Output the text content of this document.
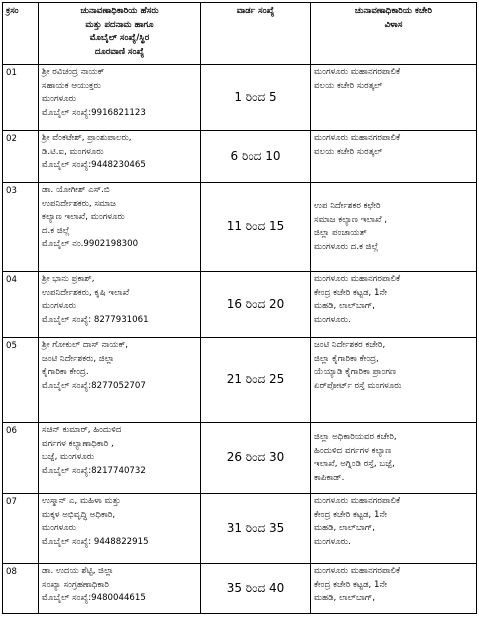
ಕ್ರಸಂ	ಚುನಾವಣಾಧಿಕಾರಿಯ ಹೆಸರು
ಮತ್ತು ಪದನಾಮ ಹಾಗೂ
ಮೊಬೈಲ್ ಸಂಖ್ಯೆ/ಸ್ಥಿರ
ದೂರವಾಣಿ ಸಂಖ್ಯೆ	ವಾರ್ಡ ಸಂಖ್ಯೆ	ಚುನಾವಣಾಧಿಕಾರಿಯ ಕಚೇರಿ
ವಿಳಾಸ

01	ಶ್ರೀ ರವಿಚಂದ್ರ ನಾಯಕ್
ಸಹಾಯಕ ಆಯುಕ್ತರು
ಮಂಗಳೂರು
ಮೊಬೈಲ್ ಸಂಖ್ಯೆ:9916821123	1 ರಿಂದ 5	ಮಂಗಳೂರು ಮಹಾನಗರಪಾಲಿಕೆ
ವಲಯ ಕಚೇರಿ ಸುರತ್ಕಲ್

02	ಶ್ರೀ ವೆಂಕಟೇಶ್, ಪ್ರಾಂಶುಪಾಲರು,
ಡಿ.ಟಿ.ಐ, ಮಂಗಳೂರು
ಮೊಬೈಲ್ ಸಂಖ್ಯೆ:9448230465	6 ರಿಂದ 10	ಮಂಗಳೂರು ಮಹಾನಗರಪಾಲಿಕೆ
ವಲಯ ಕಚೇರಿ ಸುರತ್ಕಲ್

03	ಡಾ. ಯೋಗೀಶ್ ಎಸ್.ಬಿ
ಉಪನಿರ್ದೇಶಕರು, ಸಮಾಜ
ಕಲ್ಯಾಣ ಇಲಾಖೆ, ಮಂಗಳೂರು
ದ.ಕ ಜಿಲ್ಲೆ
ಮೊಬೈಲ್ ನಂ.9902198300	11 ರಿಂದ 15	ಉಪ ನಿರ್ದೇಶಕರ ಕಛೇರಿ
ಸಮಾಜ ಕಲ್ಯಾಣ ಇಲಾಖೆ ,
ಜಿಲ್ಲಾ ಪಂಚಾಯತ್
ಮಂಗಳೂರು ದ.ಕ ಜಿಲ್ಲೆ

04	ಶ್ರೀ ಭಾನು ಪ್ರಕಾಶ್,
ಉಪನಿರ್ದೇಶಕರು, ಕೃಷಿ ಇಲಾಖೆ
ಮಂಗಳೂರು
ಮೊಬೈಲ್ ಸಂಖ್ಯೆ: 8277931061	16 ರಿಂದ 20	ಮಂಗಳೂರು ಮಹಾನಗರಪಾಲಿಕೆ
ಕೇಂದ್ರ ಕಚೇರಿ ಕಟ್ಟಡ, 1ನೇ
ಮಹಡಿ, ಲಾಲ್‌ಬಾಗ್,
ಮಂಗಳೂರು.

05	ಶ್ರೀ ಗೋಕುಲ್ ದಾಸ್ ನಾಯಕ್,
ಜಂಟಿ ನಿರ್ದೇಶಕರು, ಜಿಲ್ಲಾ
ಕೈಗಾರಿಕಾ ಕೇಂದ್ರ.
ಮೊಬೈಲ್ ಸಂಖ್ಯೆ:8277052707	21 ರಿಂದ 25	ಜಂಟಿ ನಿರ್ದೇಶಕರ ಕಚೇರಿ,
ಜಿಲ್ಲಾ ಕೈಗಾರಿಕಾ ಕೇಂದ್ರ,
ಯೆಯ್ಯಾಡಿ ಕೈಗಾರಿಕಾ ಪ್ರಾಂಗಣ
ಏರ್‌ಪೋರ್ಟ್ ರಸ್ತೆ ಮಂಗಳೂರು

06	ಸಚಿನ್ ಕುಮಾರ್, ಹಿಂದುಳಿದ
ವರ್ಗಗಳ ಕಲ್ಯಾಣಾಧಿಕಾರಿ ,
ಬಜ್ಪೆ, ಮಂಗಳೂರು
ಮೊಬೈಲ್ ಸಂಖ್ಯೆ:8217740732	26 ರಿಂದ 30	ಜಿಲ್ಲಾ ಅಧಿಕಾರಿಯವರ ಕಚೇರಿ,
ಹಿಂದುಳಿದ ವರ್ಗಗಳ ಕಲ್ಯಾಣ
ಇಲಾಖೆ, ಅಗ್ನಿಂಡಿ ರಸ್ತೆ, ಬಜ್ಪೆ,
ಕಾಪಿಕಾಡ್.

07	ಉಸ್ಮಾನ್ ಎ, ಮಹಿಳಾ ಮತ್ತು
ಮಕ್ಕಳ ಅಭಿವೃದ್ಧಿ ಅಧಿಕಾರಿ,
ಮಂಗಳೂರು
ಮೊಬೈಲ್ ಸಂಖ್ಯೆ: 9448822915	31 ರಿಂದ 35	ಮಂಗಳೂರು ಮಹಾನಗರಪಾಲಿಕೆ
ಕೇಂದ್ರ ಕಚೇರಿ ಕಟ್ಟಡ, 1ನೇ
ಮಹಡಿ, ಲಾಲ್‌ಬಾಗ್,
ಮಂಗಳೂರು.

08	ಡಾ. ಉದಯ ಶೆಟ್ಟಿ, ಜಿಲ್ಲಾ
ಸಂಖ್ಯಾ ಸಂಗ್ರಹಣಾಧಿಕಾರಿ
ಮೊಬೈಲ್ ಸಂಖ್ಯೆ:9480044615	35 ರಿಂದ 40	ಮಂಗಳೂರು ಮಹಾನಗರಪಾಲಿಕೆ
ಕೇಂದ್ರ ಕಚೇರಿ ಕಟ್ಟಡ, 1ನೇ
ಮಹಡಿ, ಲಾಲ್‌ಬಾಗ್,
